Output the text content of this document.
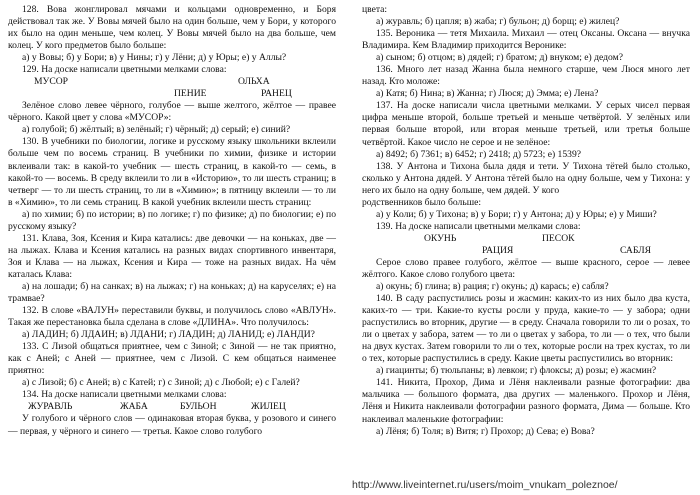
128. Вова жонглировал мячами и кольцами одновременно, и Боря действовал так же. У Вовы мячей было на один больше, чем у Бори, у которого их было на один меньше, чем колец. У Вовы мячей было на два больше, чем колец. У кого предметов было больше:

а) у Вовы; б) у Бори; в) у Нины; г) у Лёни; д) у Юры; е) у Аллы?

129. На доске написали цветными мелками слова:

МУСОР	ОЛЬХА
ПЕНИЕ	РАНЕЦ

Зелёное слово левее чёрного, голубое — выше желтого, жёлтое — правее чёрного. Какой цвет у слова «МУСОР»:

а) голубой; б) жёлтый; в) зелёный; г) чёрный; д) серый; е) синий?

130. В учебники по биологии, логике и русскому языку школьники вклеили больше чем по восемь страниц. В учебники по химии, физике и истории вклеивали так: в какой-то учебник — шесть страниц, в какой-то — семь, в какой-то — восемь. В среду вклеили то ли в «Историю», то ли шесть страниц; в четверг — то ли шесть страниц, то ли в «Химию»; в пятницу вклеили — то ли в «Химию», то ли семь страниц. В какой учебник вклеили шесть страниц:

а) по химии; б) по истории; в) по логике; г) по физике; д) по биологии; е) по русскому языку?

131. Клава, Зоя, Ксения и Кира катались: две девочки — на коньках, две — на лыжах. Клава и Ксения катались на разных видах спортивного инвентаря, Зоя и Клава — на лыжах, Ксения и Кира — тоже на разных видах. На чём каталась Клава:

а) на лошади; б) на санках; в) на лыжах; г) на коньках; д) на каруселях; е) на трамвае?

132. В слове «ВАЛУН» переставили буквы, и получилось слово «АВЛУН». Такая же перестановка была сделана в слове «ДЛИНА». Что получилось:

а) ЛАДИН; б) ЛДАИН; в) ЛДАНИ; г) ЛАДИН; д) ЛАНИД; е) ЛАНДИ?

133. С Лизой общаться приятнее, чем с Зиной; с Зиной — не так приятно, как с Аней; с Аней — приятнее, чем с Лизой. С кем общаться наименее приятно:

а) с Лизой; б) с Аней; в) с Катей; г) с Зиной; д) с Любой; е) с Галей?

134. На доске написали цветными мелками слова:

ЖУРАВЛЬ	ЖАБА	БУЛЬОН	ЖИЛЕЦ

У голубого и чёрного слов — одинаковая вторая буква, у розового и синего — первая, у чёрного и синего — третья. Какое слово голубого

цвета:

а) журавль; б) цапля; в) жаба; г) бульон; д) борщ; е) жилец?

135. Вероника — тетя Михаила. Михаил — отец Оксаны. Оксана — внучка Владимира. Кем Владимир приходится Веронике:

а) сыном; б) отцом; в) дядей; г) братом; д) внуком; е) дедом?

136. Много лет назад Жанна была немного старше, чем Люся много лет назад. Кто моложе:

а) Катя; б) Нина; в) Жанна; г) Люся; д) Эмма; е) Лена?

137. На доске написали числа цветными мелками. У серых чисел первая цифра меньше второй, больше третьей и меньше четвёртой. У зелёных или первая больше второй, или вторая меньше третьей, или третья больше четвёртой. Какое число не серое и не зелёное:

а) 8492; б) 7361; в) 6452; г) 2418; д) 5723; е) 1539?

138. У Антона и Тихона была дядя и тети. У Тихона тётей было столько, сколько у Антона дядей. У Антона тётей было на одну больше, чем у Тихона: у него их было на одну больше, чем дядей. У кого

родственников было больше:

а) у Коли; б) у Тихона; в) у Бори; г) у Антона; д) у Юры; е) у Миши?

139. На доске написали цветными мелками слова:

ОКУНЬ	ПЕСОК
РАЦИЯ	САБЛЯ

Серое слово правее голубого, жёлтое — выше красного, серое — левее жёлтого. Какое слово голубого цвета:

а) окунь; б) глина; в) рация; г) окунь; д) карась; е) сабля?

140. В саду распустились розы и жасмин: каких-то из них было два куста, каких-то — три. Какие-то кусты росли у пруда, какие-то — у забора; одни распустились во вторник, другие — в среду. Сначала говорили то ли о розах, то ли о цветах у забора, затем — то ли о цветах у забора, то ли — о тех, что были на двух кустах. Затем говорили то ли о тех, которые росли на трех кустах, то ли о тех, которые распустились в среду. Какие цветы распустились во вторник:

а) гиацинты; б) тюльпаны; в) левкои; г) флоксы; д) розы; е) жасмин?

141. Никита, Прохор, Дима и Лёня наклеивали разные фотографии: два мальчика — большого формата, два других — маленького. Прохор и Лёня, Лёня и Никита наклеивали фотографии разного формата, Дима — больше. Кто наклеивал маленькие фотографии:

а) Лёня; б) Толя; в) Витя; г) Прохор; д) Сева; е) Вова?

http://www.liveinternet.ru/users/moim_vnukam_poleznoe/
